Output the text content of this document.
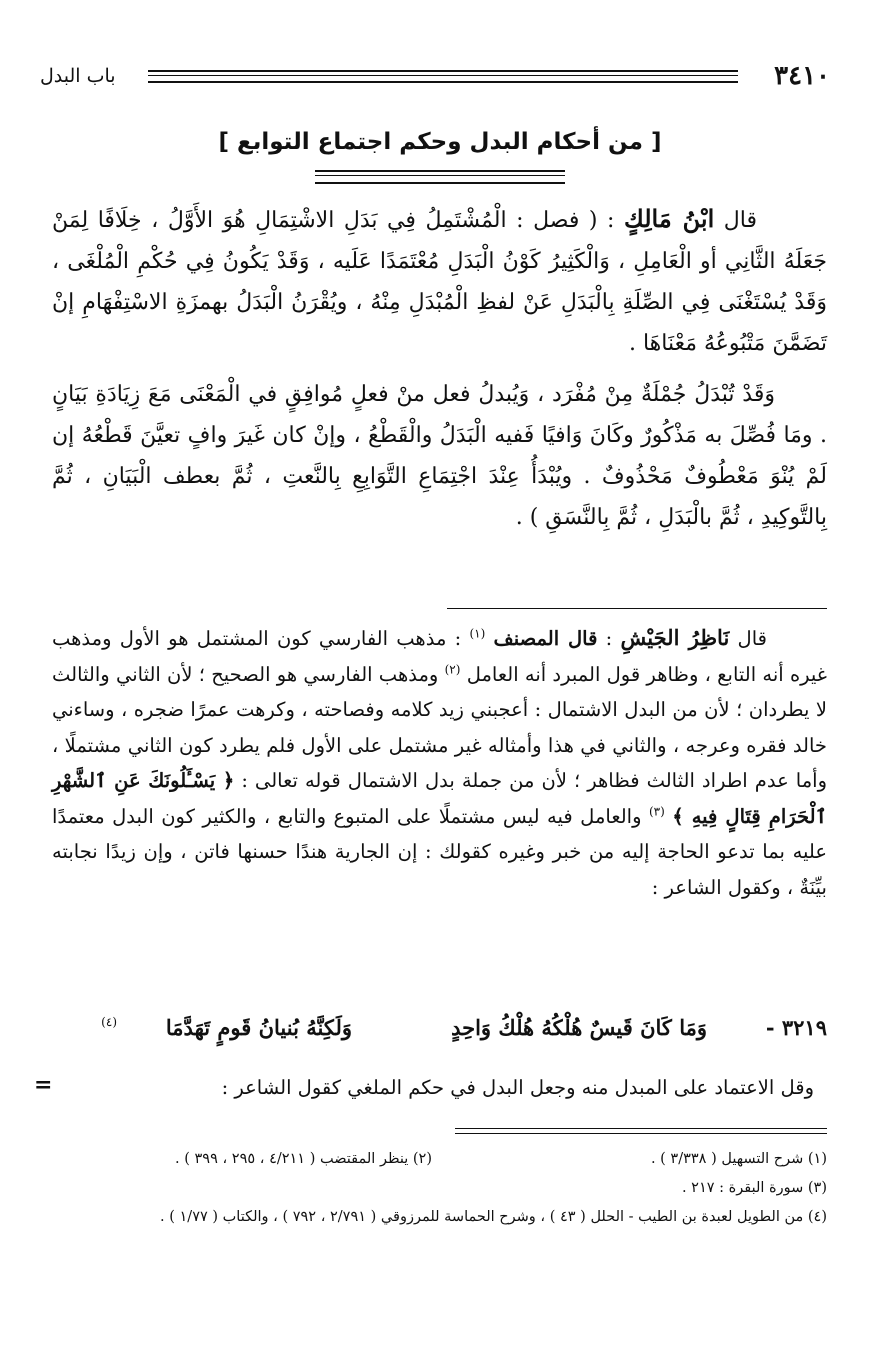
٣٤١٠
باب البدل
[ من أحكام البدل وحكم اجتماع التوابع ]

قال ابْنُ مَالِكٍ : ( فصل : الْمُشْتَمِلُ فِي بَدَلِ الاشْتِمَالِ هُوَ الأَوَّلُ ، خِلَافًا لِمَنْ جَعَلَهُ الثَّانِي أو الْعَامِلِ ، وَالْكَثِيرُ كَوْنُ الْبَدَلِ مُعْتَمَدًا عَلَيه ، وَقَدْ يَكُونُ فِي حُكْمِ الْمُلْغَى ، وَقَدْ يُسْتَغْنَى فِي الصِّلَةِ بِالْبَدَلِ عَنْ لفظِ الْمُبْدَلِ مِنْهُ ، ويُقْرَنُ الْبَدَلُ بهمزَةِ الاسْتِفْهَامِ إنْ تَضَمَّنَ مَتْبُوعُهُ مَعْنَاهَا .

وَقَدْ تُبْدَلُ جُمْلَةٌ مِنْ مُفْرَد ، وَيُبدلُ فعل منْ فعلٍ مُوافِقٍ في الْمَعْنَى مَعَ زِيَادَةِ بَيَانٍ . ومَا فُصِّلَ به مَذْكُورٌ وكَانَ وَافيًا فَفيه الْبَدَلُ والْقَطْعُ ، وإنْ كان غَيرَ وافٍ تعيَّنَ قَطْعُهُ إن لَمْ يُنْوَ مَعْطُوفٌ مَحْذُوفٌ . ويُبْدَأُ عِنْدَ اجْتِمَاعِ التَّوَابِعِ بِالنَّعتِ ، ثُمَّ بعطف الْبَيَانِ ، ثُمَّ بِالتَّوكِيدِ ، ثُمَّ بالْبَدَلِ ، ثُمَّ بِالنَّسَقِ ) .

قال نَاظِرُ الجَيْشِ : قال المصنف $^{(١)}$ : مذهب الفارسي كون المشتمل هو الأول ومذهب غيره أنه التابع ، وظاهر قول المبرد أنه العامل $^{(٢)}$ ومذهب الفارسي هو الصحيح ؛ لأن الثاني والثالث لا يطردان ؛ لأن من البدل الاشتمال : أعجبني زيد كلامه وفصاحته ، وكرهت عمرًا ضجره ، وساءني خالد فقره وعرجه ، والثاني في هذا وأمثاله غير مشتمل على الأول فلم يطرد كون الثاني مشتملًا ، وأما عدم اطراد الثالث فظاهر ؛ لأن من جملة بدل الاشتمال قوله تعالى : ﴿ يَسْـَٔلُونَكَ عَنِ ٱلشَّهْرِ ٱلْحَرَامِ قِتَالٍ فِيهِ ﴾ $^{(٣)}$ والعامل فيه ليس مشتملًا على المتبوع والتابع ، والكثير كون البدل معتمدًا عليه بما تدعو الحاجة إليه من خبر وغيره كقولك : إن الجارية هندًا حسنها فاتن ، وإن زيدًا نجابته بيِّنَةٌ ، وكقول الشاعر :

٣٢١٩ -
وَمَا كَانَ قَيسٌ هُلْكُهُ هُلْكُ وَاحِدٍ
وَلَكِنَّهُ بُنيانُ قَومٍ تَهَدَّمَا
(٤)
وقل الاعتماد على المبدل منه وجعل البدل في حكم الملغي كقول الشاعر :
=
(١) شرح التسهيل ( ٣/٣٣٨ ) .
(٢) ينظر المقتضب ( ٤/٢١١ ، ٢٩٥ ، ٣٩٩ ) .
(٣) سورة البقرة : ٢١٧ .
(٤) من الطويل لعبدة بن الطيب - الحلل ( ٤٣ ) ، وشرح الحماسة للمرزوقي ( ٢/٧٩١ ، ٧٩٢ ) ، والكتاب ( ١/٧٧ ) .
